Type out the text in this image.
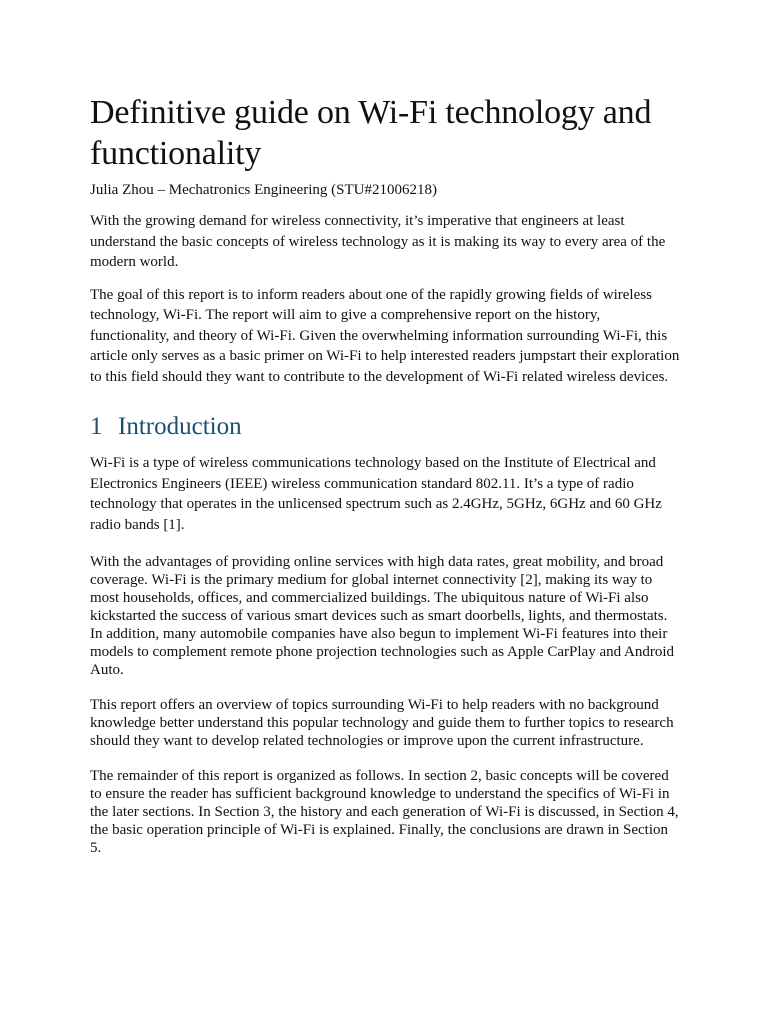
Definitive guide on Wi-Fi technology and functionality

Julia Zhou – Mechatronics Engineering (STU#21006218)

With the growing demand for wireless connectivity, it’s imperative that engineers at least understand the basic concepts of wireless technology as it is making its way to every area of the modern world.

The goal of this report is to inform readers about one of the rapidly growing fields of wireless technology, Wi-Fi. The report will aim to give a comprehensive report on the history, functionality, and theory of Wi-Fi. Given the overwhelming information surrounding Wi-Fi, this article only serves as a basic primer on Wi-Fi to help interested readers jumpstart their exploration to this field should they want to contribute to the development of Wi-Fi related wireless devices.

1 Introduction

Wi-Fi is a type of wireless communications technology based on the Institute of Electrical and Electronics Engineers (IEEE) wireless communication standard 802.11. It’s a type of radio technology that operates in the unlicensed spectrum such as 2.4GHz, 5GHz, 6GHz and 60 GHz radio bands [1].

With the advantages of providing online services with high data rates, great mobility, and broad coverage. Wi-Fi is the primary medium for global internet connectivity [2], making its way to most households, offices, and commercialized buildings. The ubiquitous nature of Wi-Fi also kickstarted the success of various smart devices such as smart doorbells, lights, and thermostats. In addition, many automobile companies have also begun to implement Wi-Fi features into their models to complement remote phone projection technologies such as Apple CarPlay and Android Auto.

This report offers an overview of topics surrounding Wi-Fi to help readers with no background knowledge better understand this popular technology and guide them to further topics to research should they want to develop related technologies or improve upon the current infrastructure.

The remainder of this report is organized as follows. In section 2, basic concepts will be covered to ensure the reader has sufficient background knowledge to understand the specifics of Wi-Fi in the later sections. In Section 3, the history and each generation of Wi-Fi is discussed, in Section 4, the basic operation principle of Wi-Fi is explained. Finally, the conclusions are drawn in Section 5.
